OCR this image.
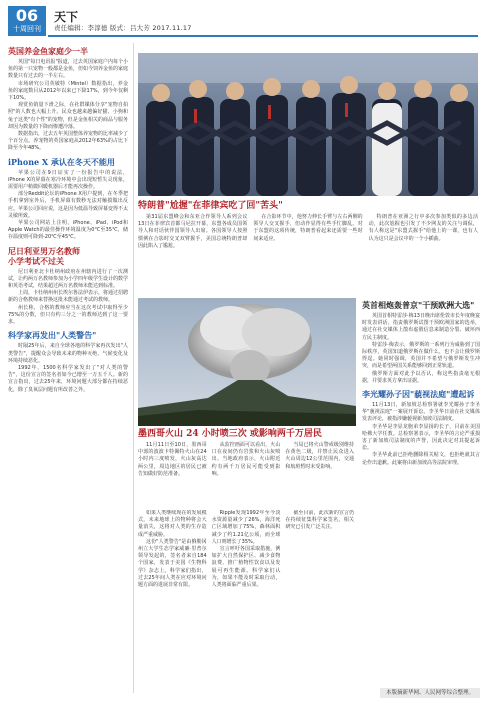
06
十周回刊
天下
责任编辑：李淳德 版式：吕大芳 2017.11.17
英国养金鱼家庭少一半

英国"每日电讯报"报道，过去英国家庭户内每个小鱼的第一只宠物一般都是金鱼，但如今饲养金鱼的家庭数量只有过去的一半左右。

市场研究公司英敏特（Mintel）数据指出，养金鱼的家庭数目从2012年以来已下降17%，到今年仅剩下10%。

观赏鱼销量下滑之际，在社群媒体分享"宠物自拍照"的人数也大幅上升。民众也越来越偏好猫、小狗和兔子这类"有个性"的宠物，但是金鱼相关的商品与服务却因为数量的下降而惨遭冷落。

数据指出，过去五年英国整体养宠物的比率减少了个百分点。养宠物的英国家庭从2012年63%的占比下降至今年48%。

iPhone X 承认在冬天不能用

苹果公司在9日证实了一份报告中的说法，iPhone X的屏幕在寒冷环境中会出现短暂失灵现象，需要用户稍微回暖机器后才能再次操作。

部分Reddit论坛的iPhone X用户提到，在冬季把手机拿到室外后，手机屏幕有数秒无法对触摸做出反应。苹果公司回应说，这是因为低温导致屏幕变得不太灵敏所致。

苹果公司网站上注明，iPhone、iPad、iPod和Apple Watch的最佳操作环境温度为0℃至35℃，储存温度则可降到-20℃至45℃。

尼日利亚男万名教师
小学考试不过关

尼日利亚北卡杜纳州政府在州辖内进行了一次测试，让约两万名教师参加为小学四年级学生设计的数学和英语考试，结果超过两万名教师未能达到标准。

上周，卡杜纳州州长埃尔鲁法伊表示，将通过招聘新的合格教师来替换这批未能通过考试的教师。

州长称，合格的教师应当在这次考试中取得至少75%的分数，但只有约三分之一的教师达到了这一要求。

科学家再发出"人类警告"

时隔25年后，来自全球各地的科学家再次发出"人类警告"，提醒众会导致未来的物种灭绝、气候变化及环境持续恶化。

1992年，1500名科学家发出了"对人类的警告"，这份宣言的签名者如今已增至一万五千人。新的宣言指出，过去25年来，环境问题大部分都在持续恶化，除了臭氧层问题有所改善之外。

特朗普"尬握"在菲律宾吃了回"苦头"

第31届东盟峰会和东亚合作领导人系列会议13日在菲律宾首都马尼拉开幕，东盟各成员国领导人和对话伙伴国领导人出席。各国领导人按照惯例在合影时交叉双臂握手，美国总统特朗普却因此陷入了尴尬。

在合影环节中，他努力伸长手臂与左右两侧的领导人交叉握手，但动作显得有些手忙脚乱。对于东盟的这项传统，特朗普看起来还需要一些时间来适应。

特朗普在亚洲之行中多次参加类似的多边活动，此次尬握也引发了不少网友的关注与调侃，有人称这是"东盟式握手"给他上的一课，也有人认为这只是会议中的一个小插曲。

墨西哥火山 24 小时喷三次 或影响两千万居民

11月11日至10日，墨西哥中部的波波卡特佩特火山在24小时内三度喷发，火山灰高达两公里，周边地区的居民已被告知做好防范准备。

从监控画面可以看出，火山口在夜间仍有岩浆和火山灰喷出。当地政府表示，火山附近约有两千万居民可能受到影响。

当局已将火山警戒级别维持在黄色二级，并禁止民众进入火山周边12公里范围内，交通和航班暂时未受影响。

如果人类继续现在的发展模式，未来地球上的物种将会大量消失，这将对人类的生存造成严重威胁。

这份"人类警告"是由俄勒冈州立大学生态学家威廉·里普尔领导发起的，签名者来自184个国家，发表于美国《生物科学》杂志上。科学家们指出，过去25年间人类在应对环境问题方面的进展非常有限。

Ripple发现1992年至今淡水资源量减少了26%，海洋死亡区域增加了75%，森林面积减少了约1.21亿公顷，而全球人口则增长了35%。

宣言呼吁各国采取措施，例如扩大自然保护区、减少食物浪费、推广植物性饮食以及发展可再生能源。科学家们认为，如果不能及时采取行动，人类将面临严重后果。

截至目前，此次新的宣言仍在持续征集科学家签名，相关研究已引发广泛关注。

英首相炮轰普京"干预欧洲大选"

英国首相特雷莎·梅13日晚出席伦敦市长年度晚宴时发表讲话，指责俄罗斯试图干预欧洲国家的选举，通过在社交媒体上散布虚假信息来制造分裂、破坏西方民主制度。

特雷莎·梅表示，俄罗斯的一系列行为威胁到了国际秩序，英国知道俄罗斯在做什么，也不会让俄罗斯得逞。她同时强调，英国并不希望与俄罗斯发生冲突，而是希望两国关系能够回到正常轨道。

俄罗斯方面对此予以否认，称这些指责毫无根据，并要求英方拿出证据。

李光耀孙子因"藐视法庭"遭起诉

11月13日，新加坡总检察署就李光耀孙子李圣华"藐视法庭"一案展开诉讼。李圣华日前在社交媒体发表评论，被指涉嫌藐视新加坡司法制度。

李圣华是李显龙胞弟李显扬的长子，目前在美国哈佛大学任教。总检察署表示，李圣华的言论严重损害了新加坡司法制度的声誉，因此决定对其提起诉讼。

李圣华此前已拒绝删除相关帖文，也拒绝就其言论作出道歉。此案将由新加坡高等法院审理。

本版摘新华网、人民网等综合整理。
